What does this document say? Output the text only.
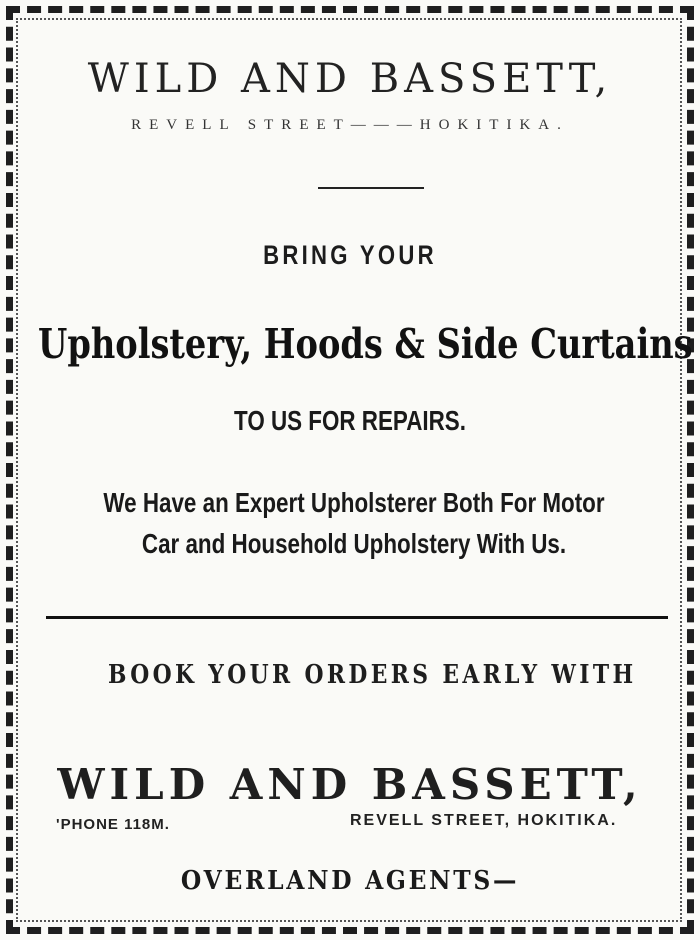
WILD AND BASSETT,
REVELL STREET———HOKITIKA.
BRING YOUR
Upholstery, Hoods & Side Curtains
TO US FOR REPAIRS.
We Have an Expert Upholsterer Both For Motor
Car and Household Upholstery With Us.
BOOK YOUR ORDERS EARLY WITH
WILD AND BASSETT,
'PHONE 118M.	REVELL STREET, HOKITIKA.
OVERLAND AGENTS—
